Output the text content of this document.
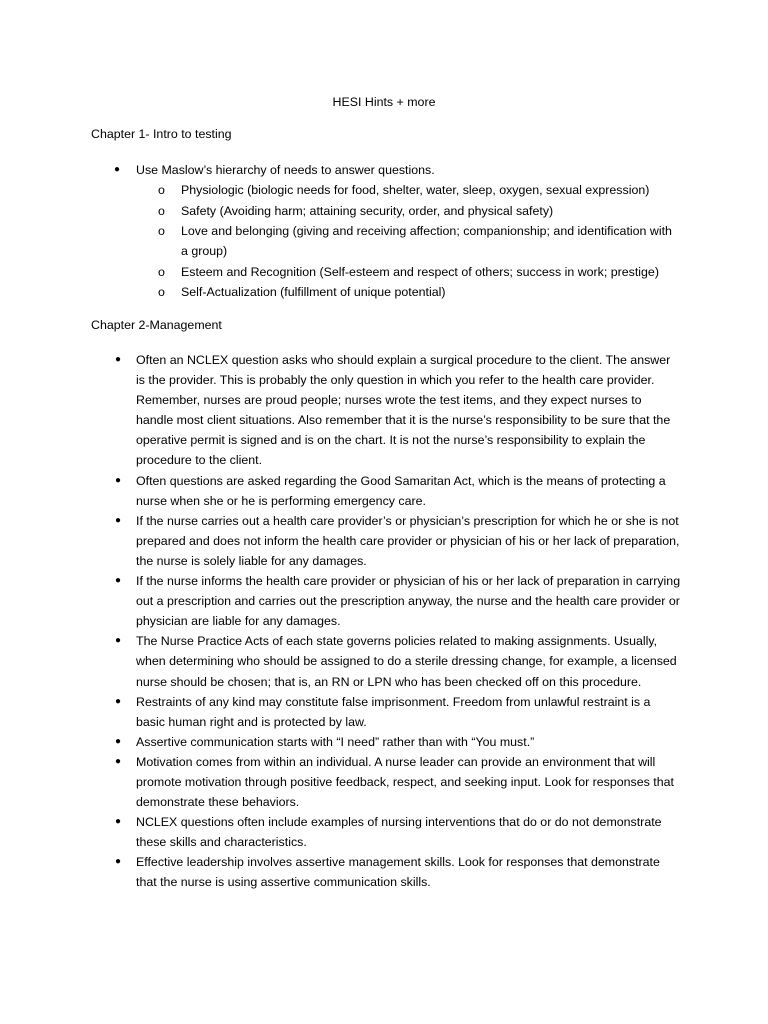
HESI Hints + more
Chapter 1- Intro to testing
● Use Maslow’s hierarchy of needs to answer questions.
o Physiologic (biologic needs for food, shelter, water, sleep, oxygen, sexual expression)
o Safety (Avoiding harm; attaining security, order, and physical safety)
o Love and belonging (giving and receiving affection; companionship; and identification with a group)
o Esteem and Recognition (Self-esteem and respect of others; success in work; prestige)
o Self-Actualization (fulfillment of unique potential)
Chapter 2-Management

● Often an NCLEX question asks who should explain a surgical procedure to the client. The answer is the provider. This is probably the only question in which you refer to the health care provider. Remember, nurses are proud people; nurses wrote the test items, and they expect nurses to handle most client situations. Also remember that it is the nurse’s responsibility to be sure that the operative permit is signed and is on the chart. It is not the nurse’s responsibility to explain the procedure to the client.

● Often questions are asked regarding the Good Samaritan Act, which is the means of protecting a nurse when she or he is performing emergency care.

● If the nurse carries out a health care provider’s or physician’s prescription for which he or she is not prepared and does not inform the health care provider or physician of his or her lack of preparation, the nurse is solely liable for any damages.

● If the nurse informs the health care provider or physician of his or her lack of preparation in carrying out a prescription and carries out the prescription anyway, the nurse and the health care provider or physician are liable for any damages.

● The Nurse Practice Acts of each state governs policies related to making assignments. Usually, when determining who should be assigned to do a sterile dressing change, for example, a licensed nurse should be chosen; that is, an RN or LPN who has been checked off on this procedure.

● Restraints of any kind may constitute false imprisonment. Freedom from unlawful restraint is a basic human right and is protected by law.

● Assertive communication starts with “I need” rather than with “You must.”

● Motivation comes from within an individual. A nurse leader can provide an environment that will promote motivation through positive feedback, respect, and seeking input. Look for responses that demonstrate these behaviors.

● NCLEX questions often include examples of nursing interventions that do or do not demonstrate these skills and characteristics.

● Effective leadership involves assertive management skills. Look for responses that demonstrate that the nurse is using assertive communication skills.
